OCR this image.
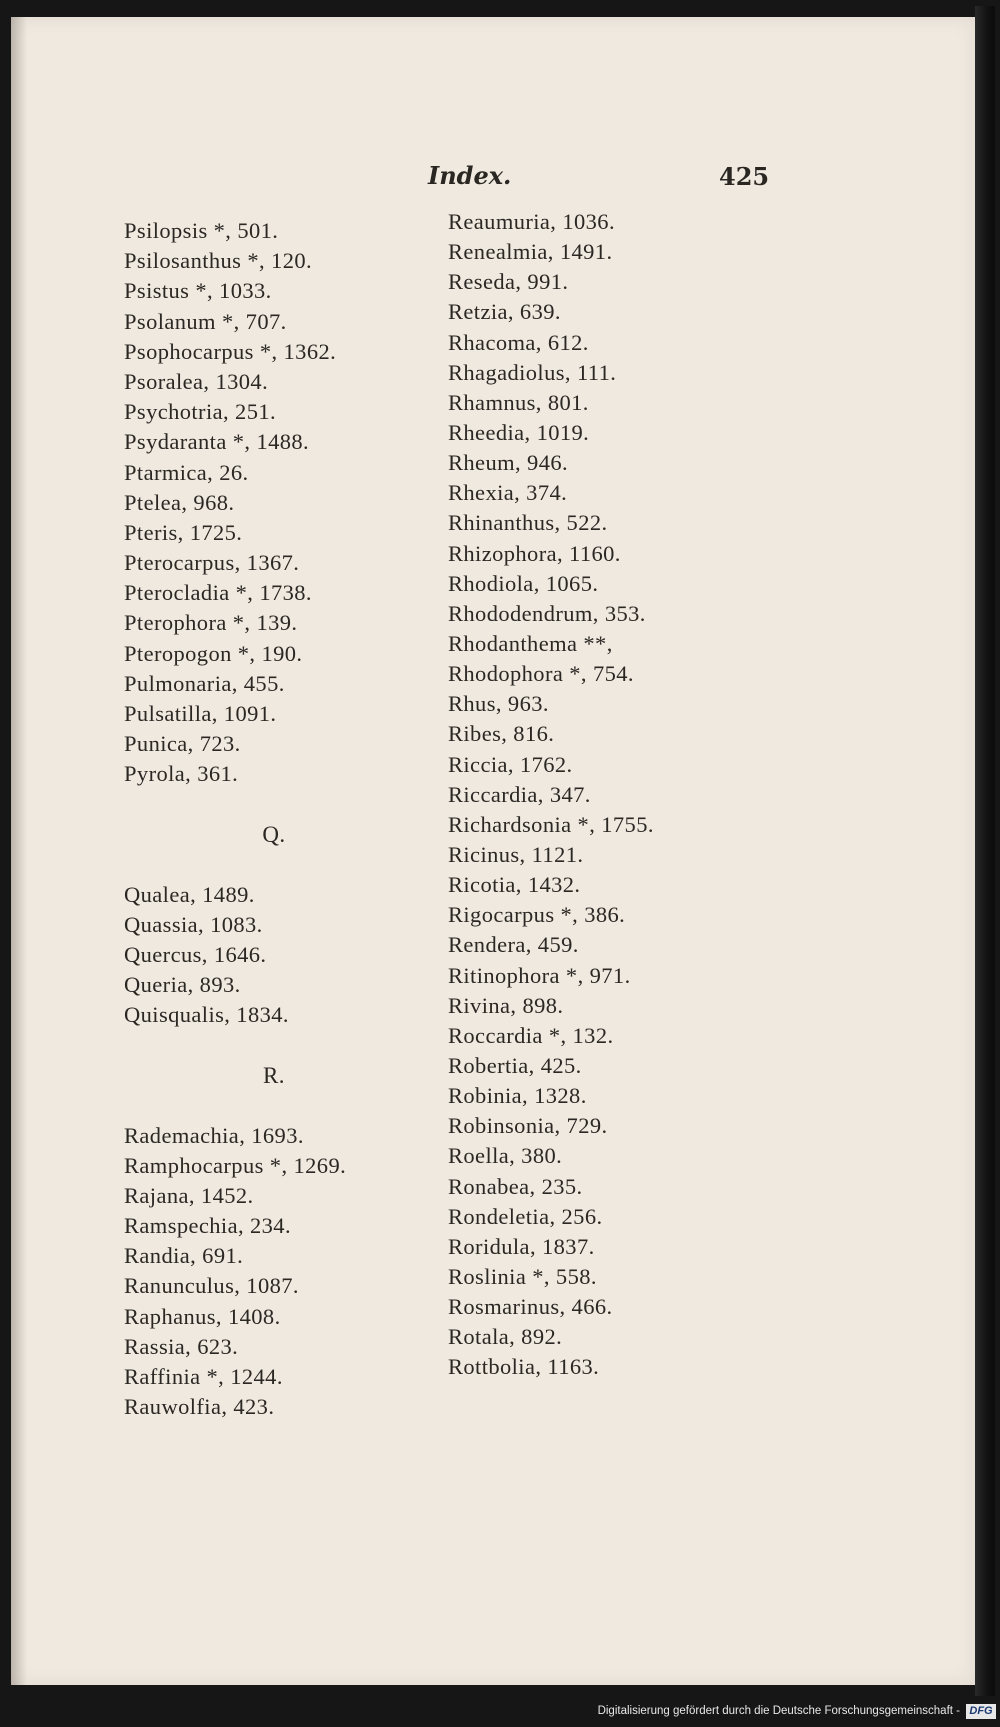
Index.	425
Psilopsis *, 501.
Psilosanthus *, 120.
Psistus *, 1033.
Psolanum *, 707.
Psophocarpus *, 1362.
Psoralea, 1304.
Psychotria, 251.
Psydaranta *, 1488.
Ptarmica, 26.
Ptelea, 968.
Pteris, 1725.
Pterocarpus, 1367.
Pterocladia *, 1738.
Pterophora *, 139.
Pteropogon *, 190.
Pulmonaria, 455.
Pulsatilla, 1091.
Punica, 723.
Pyrola, 361.
Q.
Qualea, 1489.
Quassia, 1083.
Quercus, 1646.
Queria, 893.
Quisqualis, 1834.
R.
Rademachia, 1693.
Ramphocarpus *, 1269.
Rajana, 1452.
Ramspechia, 234.
Randia, 691.
Ranunculus, 1087.
Raphanus, 1408.
Rassia, 623.
Raffinia *, 1244.
Rauwolfia, 423.
Reaumuria, 1036.
Renealmia, 1491.
Reseda, 991.
Retzia, 639.
Rhacoma, 612.
Rhagadiolus, 111.
Rhamnus, 801.
Rheedia, 1019.
Rheum, 946.
Rhexia, 374.
Rhinanthus, 522.
Rhizophora, 1160.
Rhodiola, 1065.
Rhododendrum, 353.
Rhodanthema **,
Rhodophora *, 754.
Rhus, 963.
Ribes, 816.
Riccia, 1762.
Riccardia, 347.
Richardsonia *, 1755.
Ricinus, 1121.
Ricotia, 1432.
Rigocarpus *, 386.
Rendera, 459.
Ritinophora *, 971.
Rivina, 898.
Roccardia *, 132.
Robertia, 425.
Robinia, 1328.
Robinsonia, 729.
Roella, 380.
Ronabea, 235.
Rondeletia, 256.
Roridula, 1837.
Roslinia *, 558.
Rosmarinus, 466.
Rotala, 892.
Rottbolia, 1163.
Digitalisierung gefördert durch die Deutsche Forschungsgemeinschaft - DFG
